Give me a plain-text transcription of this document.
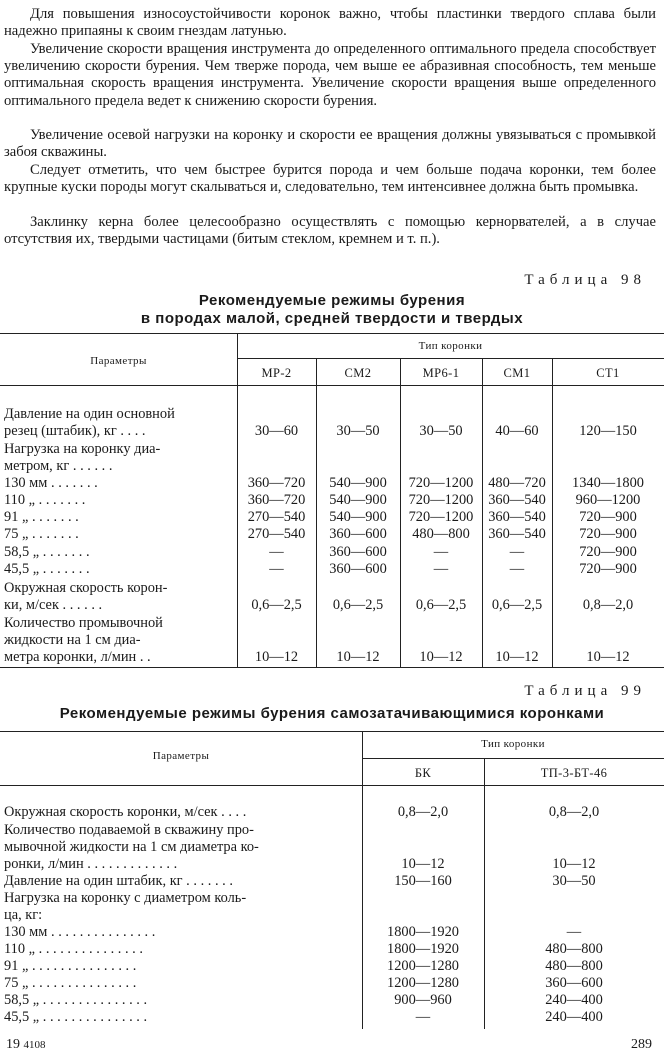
Для повышения износоустойчивости коронок важно, чтобы пластинки твердого сплава были надежно припаяны к своим гнездам латунью.

Увеличение скорости вращения инструмента до определенного оптимального предела способствует увеличению скорости бурения. Чем тверже порода, чем выше ее абразивная способность, тем меньше оптимальная скорость вращения инструмента. Увеличение скорости вращения выше определенного оптимального предела ведет к снижению скорости бурения.

Увеличение осевой нагрузки на коронку и скорости ее вращения должны увязываться с промывкой забоя скважины.

Следует отметить, что чем быстрее бурится порода и чем больше подача коронки, тем более крупные куски породы могут скалываться и, следовательно, тем интенсивнее должна быть промывка.

Заклинку керна более целесообразно осуществлять с помощью кернорвателей, а в случае отсутствия их, твердыми частицами (битым стеклом, кремнем и т. п.).

Таблица 98
Рекомендуемые режимы бурения
в породах малой, средней твердости и твердых
Параметры
Тип коронки
МР-2	СМ2	МР6-1	СМ1	СТ1
Давление на один основной
резец (штабик), кг . . . .	30—60	30—50	30—50	40—60	120—150
Нагрузка на коронку диа-
метром, кг . . . . . .
130 мм . . . . . . .	360—720	540—900	720—1200	480—720	1340—1800
110 „ . . . . . . .	360—720	540—900	720—1200	360—540	960—1200
91 „ . . . . . . .	270—540	540—900	720—1200	360—540	720—900
75 „ . . . . . . .	270—540	360—600	480—800	360—540	720—900
58,5 „ . . . . . . .	—	360—600	—	—	720—900
45,5 „ . . . . . . .	—	360—600	—	—	720—900
Окружная скорость корон-
ки, м/сек . . . . . .	0,6—2,5	0,6—2,5	0,6—2,5	0,6—2,5	0,8—2,0
Количество промывочной
жидкости на 1 см диа-
метра коронки, л/мин . .	10—12	10—12	10—12	10—12	10—12
Таблица 99
Рекомендуемые режимы бурения самозатачивающимися коронками
Параметры
Тип коронки
БК	ТП-3-БТ-46
Окружная скорость коронки, м/сек . . . .	0,8—2,0	0,8—2,0
Количество подаваемой в скважину про-
мывочной жидкости на 1 см диаметра ко-
ронки, л/мин . . . . . . . . . . . . .	10—12	10—12
Давление на один штабик, кг . . . . . . .	150—160	30—50
Нагрузка на коронку с диаметром коль-
ца, кг:
130 мм . . . . . . . . . . . . . . .	1800—1920	—
110 „ . . . . . . . . . . . . . . .	1800—1920	480—800
91 „ . . . . . . . . . . . . . . .	1200—1280	480—800
75 „ . . . . . . . . . . . . . . .	1200—1280	360—600
58,5 „ . . . . . . . . . . . . . . .	900—960	240—400
45,5 „ . . . . . . . . . . . . . . .	—	240—400
19 4108	289
